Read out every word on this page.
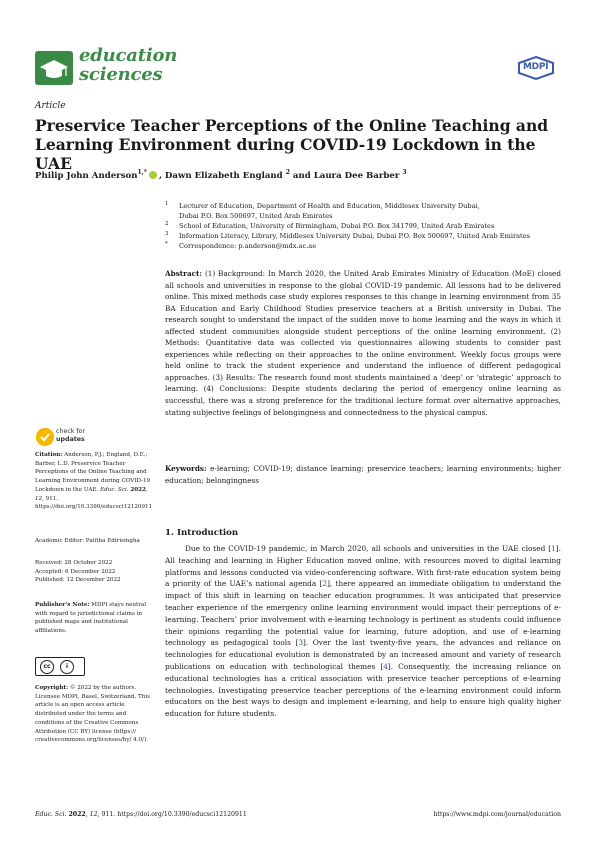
education
sciences	MDPI
Article
Preservice Teacher Perceptions of the Online Teaching and Learning Environment during COVID-19 Lockdown in the UAE
Philip John Anderson$^{1,*}$ , Dawn Elizabeth England $^2$ and Laura Dee Barber $^3$
1 Lecturer of Education, Department of Health and Education, Middlesex University Dubai,
Dubai P.O. Box 500697, United Arab Emirates
2 School of Education, University of Birmingham, Dubai P.O. Box 341799, United Arab Emirates
3 Information Literacy, Library, Middlesex University Dubai, Dubai P.O. Box 500697, United Arab Emirates
* Correspondence: p.anderson@mdx.ac.ae
Abstract: (1) Background: In March 2020, the United Arab Emirates Ministry of Education (MoE) closed all schools and universities in response to the global COVID-19 pandemic. All lessons had to be delivered online. This mixed methods case study explores responses to this change in learning environment from 35 BA Education and Early Childhood Studies preservice teachers at a British university in Dubai. The research sought to understand the impact of the sudden move to home learning and the ways in which it affected student communities alongside student perceptions of the online learning environment. (2) Methods: Quantitative data was collected via questionnaires allowing students to consider past experiences while reflecting on their approaches to the online environment. Weekly focus groups were held online to track the student experience and understand the influence of different pedagogical approaches. (3) Results: The research found most students maintained a ‘deep’ or ‘strategic’ approach to learning. (4) Conclusions: Despite students declaring the period of emergency online learning as successful, there was a strong preference for the traditional lecture format over alternative approaches, stating subjective feelings of belongingness and connectedness to the physical campus.
Keywords: e-learning; COVID-19; distance learning; preservice teachers; learning environments; higher education; belongingness
check for
updates
Citation: Anderson, P.J.; England, D.E.; Barber, L.D. Preservice Teacher Perceptions of the Online Teaching and Learning Environment during COVID-19 Lockdown in the UAE. Educ. Sci. 2022, 12, 911. https://doi.org/10.3390/educsci12120911
Academic Editor: Palitha Edirisingha
Received: 28 October 2022
Accepted: 6 December 2022
Published: 12 December 2022
Publisher’s Note: MDPI stays neutral with regard to jurisdictional claims in published maps and institutional affiliations.
cc	i
Copyright: © 2022 by the authors. Licensee MDPI, Basel, Switzerland. This article is an open access article distributed under the terms and conditions of the Creative Commons Attribution (CC BY) license (https:// creativecommons.org/licenses/by/ 4.0/).
1. Introduction
Due to the COVID-19 pandemic, in March 2020, all schools and universities in the UAE closed [1]. All teaching and learning in Higher Education moved online, with resources moved to digital learning platforms and lessons conducted via video-conferencing software. With first-rate education system being a priority of the UAE’s national agenda [2], there appeared an immediate obligation to understand the impact of this shift in learning on teacher education programmes. It was anticipated that preservice teacher experience of the emergency online learning environment would impact their perceptions of e-learning. Teachers’ prior involvement with e-learning technology is pertinent as students could influence their opinions regarding the potential value for learning, future adoption, and use of e-learning technology as pedagogical tools [3]. Over the last twenty-five years, the advances and reliance on technologies for educational evolution is demonstrated by an increased amount and variety of research publications on education with technological themes [4]. Consequently, the increasing reliance on educational technologies has a critical association with preservice teacher perceptions of e-learning technologies. Investigating preservice teacher perceptions of the e-learning environment could inform educators on the best ways to design and implement e-learning, and help to ensure high quality higher education for future students.
Educ. Sci. 2022, 12, 911. https://doi.org/10.3390/educsci12120911	https://www.mdpi.com/journal/education
